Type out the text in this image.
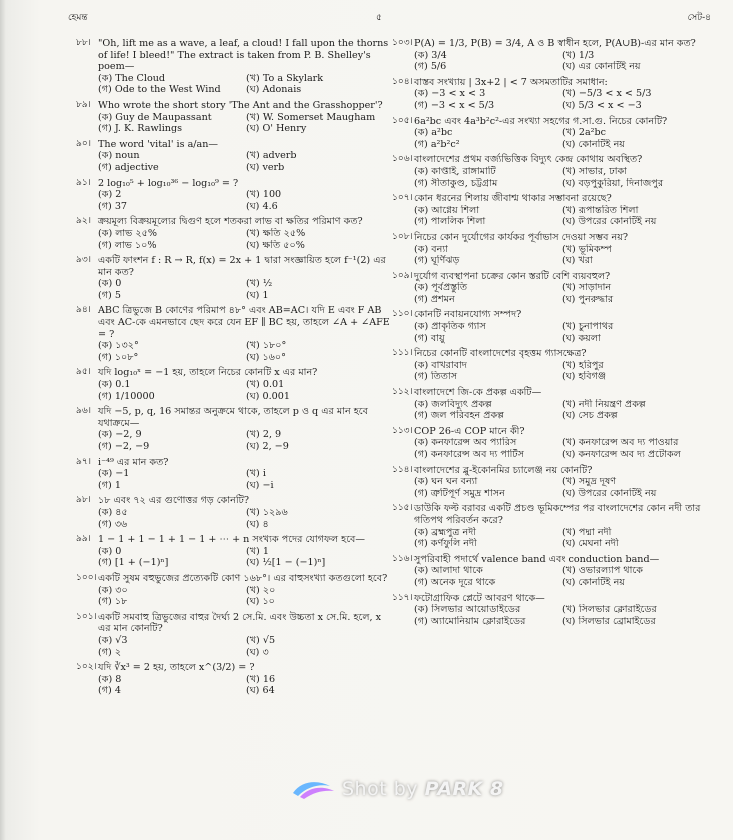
হেমন্ত	৫	সেট-৪
৮৮। "Oh, lift me as a wave, a leaf, a cloud! I fall upon the thorns of life! I bleed!" The extract is taken from P. B. Shelley's poem—
(ক) The Cloud	(খ) To a Skylark
(গ) Ode to the West Wind	(ঘ) Adonais
৮৯। Who wrote the short story 'The Ant and the Grasshopper'?
(ক) Guy de Maupassant	(খ) W. Somerset Maugham
(গ) J. K. Rawlings	(ঘ) O' Henry
৯০। The word 'vital' is a/an—
(ক) noun	(খ) adverb
(গ) adjective	(ঘ) verb
৯১। 2 log₁₀⁵ + log₁₀³⁶ − log₁₀⁹ = ?
(ক) 2	(খ) 100
(গ) 37	(ঘ) 4.6
৯২। ক্রয়মূল্য বিক্রয়মূল্যের দ্বিগুণ হলে শতকরা লাভ বা ক্ষতির পরিমাণ কত?
(ক) লাভ ২৫%	(খ) ক্ষতি ২৫%
(গ) লাভ ১০%	(ঘ) ক্ষতি ৫০%
৯৩। একটি ফাংশন f : R → R, f(x) = 2x + 1 দ্বারা সংজ্ঞায়িত হলে f⁻¹(2) এর মান কত?
(ক) 0	(খ) ½
(গ) 5	(ঘ) 1
৯৪। ABC ত্রিভুজে B কোণের পরিমাপ ৪৮° এবং AB=AC। যদি E এবং F AB এবং AC-কে এমনভাবে ছেদ করে যেন EF ∥ BC হয়, তাহলে ∠A + ∠AFE = ?
(ক) ১৩২°	(খ) ১৮০°
(গ) ১০৮°	(ঘ) ১৬০°
৯৫। যদি log₁₀ˣ = −1 হয়, তাহলে নিচের কোনটি x এর মান?
(ক) 0.1	(খ) 0.01
(গ) 1/10000	(ঘ) 0.001
৯৬। যদি −5, p, q, 16 সমান্তর অনুক্রমে থাকে, তাহলে p ও q এর মান হবে যথাক্রমে—
(ক) −2, 9	(খ) 2, 9
(গ) −2, −9	(ঘ) 2, −9
৯৭। i⁻⁴⁹ এর মান কত?
(ক) −1	(খ) i
(গ) 1	(ঘ) −i
৯৮। ১৮ এবং ৭২ এর গুণোত্তর গড় কোনটি?
(ক) ৪৫	(খ) ১২৯৬
(গ) ৩৬	(ঘ) ৪
৯৯। 1 − 1 + 1 − 1 + 1 − 1 + ⋯ + n সংখ্যক পদের যোগফল হবে—
(ক) 0	(খ) 1
(গ) [1 + (−1)ⁿ]	(ঘ) ½[1 − (−1)ⁿ]
১০০। একটি সুষম বহুভুজের প্রত্যেকটি কোণ ১৬৮°। এর বাহুসংখ্যা কতগুলো হবে?
(ক) ৩০	(খ) ২০
(গ) ১৮	(ঘ) ১০
১০১। একটি সমবাহু ত্রিভুজের বাহুর দৈর্ঘ্য 2 সে.মি. এবং উচ্চতা x সে.মি. হলে, x এর মান কোনটি?
(ক) √3	(খ) √5
(গ) ২	(ঘ) ৩
১০২। যদি ∛x³ = 2 হয়, তাহলে x^(3/2) = ?
(ক) 8	(খ) 16
(গ) 4	(ঘ) 64
১০৩। P(A) = 1/3, P(B) = 3/4, A ও B স্বাধীন হলে, P(A∪B)-এর মান কত?
(ক) 3/4	(খ) 1/3
(গ) 5/6	(ঘ) এর কোনটিই নয়
১০৪। বাস্তব সংখ্যায় | 3x+2 | < 7 অসমতাটির সমাধান:
(ক) −3 < x < 3	(খ) −5/3 < x < 5/3
(গ) −3 < x < 5/3	(ঘ) 5/3 < x < −3
১০৫। 6a²bc এবং 4a³b²c²-এর সংখ্যা সহগের গ.সা.গু. নিচের কোনটি?
(ক) a²bc	(খ) 2a²bc
(গ) a²b²c²	(ঘ) কোনটিই নয়
১০৬। বাংলাদেশের প্রথম বর্জ্যভিত্তিক বিদ্যুৎ কেন্দ্র কোথায় অবস্থিত?
(ক) কাপ্তাই, রাঙ্গামাটি	(খ) সাভার, ঢাকা
(গ) সীতাকুণ্ড, চট্টগ্রাম	(ঘ) বড়পুকুরিয়া, দিনাজপুর
১০৭। কোন ধরনের শিলায় জীবাশ্ম থাকার সম্ভাবনা রয়েছে?
(ক) আগ্নেয় শিলা	(খ) রূপান্তরিত শিলা
(গ) পাললিক শিলা	(ঘ) উপরের কোনটিই নয়
১০৮। নিচের কোন দুর্যোগের কার্যকর পূর্বাভাস দেওয়া সম্ভব নয়?
(ক) বন্যা	(খ) ভূমিকম্প
(গ) ঘূর্ণিঝড়	(ঘ) খরা
১০৯। দুর্যোগ ব্যবস্থাপনা চক্রের কোন স্তরটি বেশি ব্যয়বহুল?
(ক) পূর্বপ্রস্তুতি	(খ) সাড়াদান
(গ) প্রশমন	(ঘ) পুনরুদ্ধার
১১০। কোনটি নবায়নযোগ্য সম্পদ?
(ক) প্রাকৃতিক গ্যাস	(খ) চুনাপাথর
(গ) বায়ু	(ঘ) কয়লা
১১১। নিচের কোনটি বাংলাদেশের বৃহত্তম গ্যাসক্ষেত্র?
(ক) বাখরাবাদ	(খ) হরিপুর
(গ) তিতাস	(ঘ) হবিগঞ্জ
১১২। বাংলাদেশে জি-কে প্রকল্প একটি—
(ক) জলবিদ্যুৎ প্রকল্প	(খ) নদী নিয়ন্ত্রণ প্রকল্প
(গ) জল পরিবহন প্রকল্প	(ঘ) সেচ প্রকল্প
১১৩। COP 26-এ COP মানে কী?
(ক) কনফারেন্স অব প্যারিস	(খ) কনফারেন্স অব দ্য পাওয়ার
(গ) কনফারেন্স অব দ্য পার্টিস	(ঘ) কনফারেন্স অব দ্য প্রটোকল
১১৪। বাংলাদেশের ব্লু-ইকোনমির চ্যালেঞ্জ নয় কোনটি?
(ক) ঘন ঘন বন্যা	(খ) সমুদ্র দূষণ
(গ) ত্রুটিপূর্ণ সমুদ্র শাসন	(ঘ) উপরের কোনটিই নয়
১১৫। ডাউকি ফল্ট বরাবর একটি প্রচণ্ড ভূমিকম্পের পর বাংলাদেশের কোন নদী তার গতিপথ পরিবর্তন করে?
(ক) ব্রহ্মপুত্র নদী	(খ) পদ্মা নদী
(গ) কর্ণফুলি নদী	(ঘ) মেঘনা নদী
১১৬। সুপরিবাহী পদার্থে valence band এবং conduction band—
(ক) আলাদা থাকে	(খ) ওভারল্যাপ থাকে
(গ) অনেক দূরে থাকে	(ঘ) কোনটিই নয়
১১৭। ফটোগ্রাফিক প্লেটে আবরণ থাকে—
(ক) সিলভার আয়োডাইডের	(খ) সিলভার ক্লোরাইডের
(গ) অ্যামোনিয়াম ক্লোরাইডের	(ঘ) সিলভার ব্রোমাইডের
Shot by PARK 8
